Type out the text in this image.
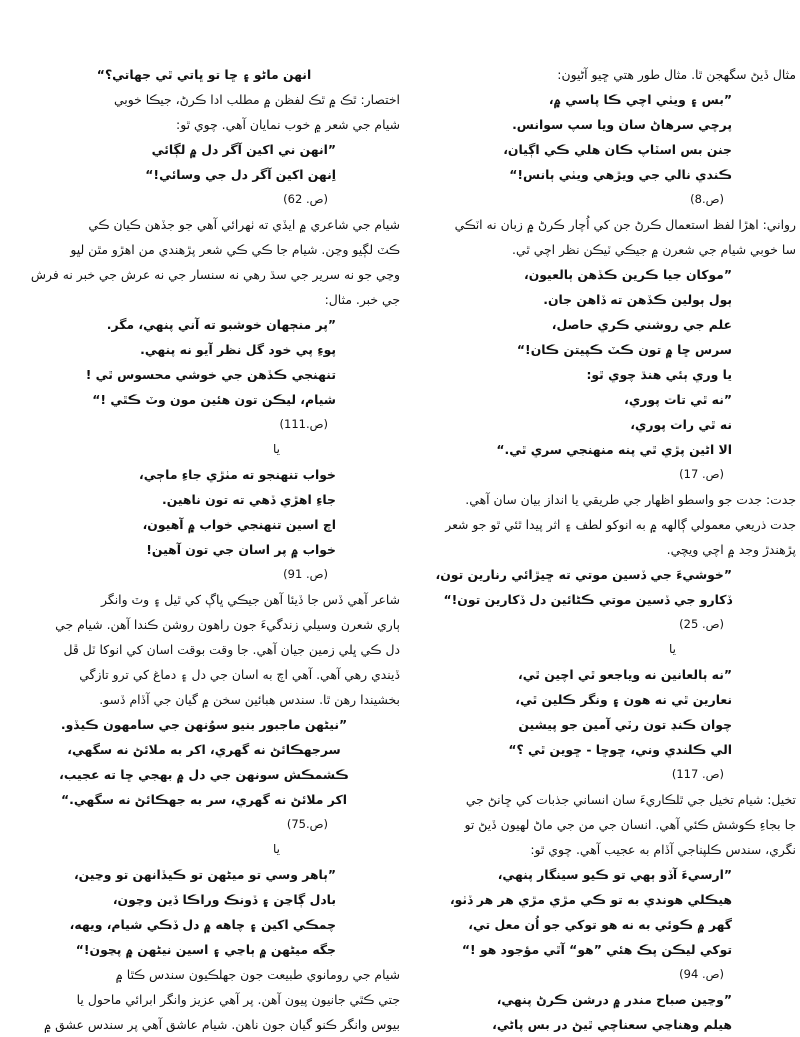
مثال ڏيڻ سگهجن ٿا. مثال طور هتي ڇيو آڻيون:
”بس ۽ ويٺي اچي ڪا پاسي ۾،
پرچي سرهاڻ سان ويا سپ سوانس.
جنن بس اسٽاپ ڪان هلي ڪي اڳيان،
ڪندي نالي جي ويڙهي ويٺي ٻانس!“
(ص.8)
رواني: اهڙا لفظ استعمال ڪرڻ جن کي اُچار ڪرڻ ۾ زبان نه اٽڪي
سا خوبي شيام جي شعرن ۾ جيڪي ٽيڪن نظر اچي ٿي.
”موکان جيا ڪرين ڪڏهن ٻالعيون،
ٻول ٻولين ڪڏهن ته ڏاهن جان.
علم جي روشني ڪري حاصل،
سرس ڇا ۾ تون ڪٽ ڪپيتن ڪان!“
يا وري ٻئي هنڌ چوي ٿو:
”نه ٿي تات پوري،
نه ٿي رات پوري،
الا اڻين پڙي ٿي پنه منهنجي سري ٿي.“
(ص. 17)
جدت: جدت جو واسطو اظهار جي طريقي يا انداز بيان سان آهي.
جدت ذريعي معمولي ڳالهه ۾ به انوکو لطف ۽ اثر پيدا ٿئي ٿو جو شعر
پڙهندڙ وجد ۾ اچي ويچي.
”خوشيءَ جي ڏسين موتي ته ڇيڙائي رنارين تون،
ڏکارو جي ڏسين موتي ڪڻائين دل ڏکارين تون!“
(ص. 25)
يا
”نه ٻالعانين نه وياجعو ٿي اچين ٿي،
نعارين ٿي نه هون ۽ ونگر ڪلين ٿي،
چوان ڪنڊ تون رٽي آمين جو پيشين
الي ڪلندي وني، ڇوڇا - ڇوين ٿي ؟“
(ص. 117)
تخيل: شيام تخيل جي ٿلڪاريءَ سان انساني جذبات کي ڇانڻ جي
جا بجاءِ ڪوشش ڪئي آهي. انسان جي من جي ماڻ لهيون ڏيڻ تو
نگري، سندس ڪلپناجي آڏام به عجيب آهي. چوي ٿو:
”ارسيءَ آڏو ٻهي تو ڪيو سينگار پنهي،
هيڪلي هوندي به تو ڪي مڙي مڙي هر هر ڏٺو،
گهر ۾ ڪوئي به نه هو توکي جو اُن معل تي،
توکي ليڪن پڪ هئي ”هو“ آٿي مؤجود هو !“
(ص. 94)
”وڃين صباح مندر ۾ درشن ڪرڻ پنهي،
هيلم وهناڃي سعناچي ٿيڻ در بس پاڻي،
انهن ماڻو ۽ ڇا تو ڀاتي ٿي جهاتي؟“
اختصار: ٿڪ ۾ ٿڪ لفظن ۾ مطلب ادا ڪرڻ، جيڪا خوبي
شيام جي شعر ۾ خوب نمايان آهي. چوي ٿو:
”انهن ني اکين آگر دل ۾ لڳائي
اِنهن اکين آگر دل جي وسائي!“
(ص. 62)
شيام جي شاعري ۾ ايڏي ته ٺهرائي آهي جو جڏهن ڪيان ڪي
ڪٽ لڳيو وڃن. شيام جا ڪي ڪي شعر پڙهندي من اهڙو مٿن لڀو
وڃي جو نه سرير جي سڌ رهي نه سنسار جي نه عرش جي خبر نه فرش
جي خبر. مثال:
”پر منڄهان خوشبو ته آني پنهي، مگر.
پوءِ پي خود گل نظر آيو نه پنهي.
تنهنجي ڪڏهن جي خوشي محسوس ٿي !
شيام، ليڪن تون هئين مون وٽ ڪٿي !“
(ص.111)
يا
خواب تنهنجو ته مٺڙي جاءِ ماڄي،
جاءِ اهڙي ڏهي ته تون ناهين.
اچ اسين تنهنجي خواب ۾ آهيون،
خواب ۾ پر اسان جي تون آهين!
(ص. 91)
شاعر آهي ڏس جا ڏيئا آهن جيڪي ڀاڳ کي ٿيل ۽ وٽ وانگر
ٻاري شعرن وسيلي زندگيءَ جون راهون روشن ڪندا آهن. شيام جي
دل ڪي ڀلي زمين جيان آهي. جا وقت بوقت اسان کي انوکا ٽل ڦل
ڏيندي رهي آهي. آهي اچ به اسان جي دل ۽ دماغ کي ترو تازگي
بخشيندا رهن ٿا. سندس هبائين سخن ۾ گيان جي آڏام ڏسو.
”نيڻهن ماجبور بنيو سوُنهن جي سامهون ڪيڏو.
سرجهڪائڻ نه گهري، اکر به ملائڻ نه سگهي،
ڪشمڪش سونهن جي دل ۾ بهجي ڇا ته عجيب،
اکر ملائڻ نه گهري، سر به جهڪائڻ نه سگهي.“
(ص.75)
يا
”ٻاهر وسي تو ميڻهن تو ڪيڏانهن تو وڃين،
بادل ڳاڃن ۽ ڏونڪ وراڪا ڏين وڃون،
چمڪي اکين ۽ چاهه ۾ دل ڏڪي شيام، ويهه،
جگه ميڻهن ۾ ٻاڃي ۽ اسين نيڻهن ۾ پڃون!“
شيام جي رومانوي طبيعت جون جهلڪيون سندس ڪٿا ۾
جتي ڪٿي جانيون پيون آهن. پر آهي عزيز وانگر ابرائي ماحول يا
بيوس وانگر ڪنو گيان جون ناهن. شيام عاشق آهي پر سندس عشق ۾
